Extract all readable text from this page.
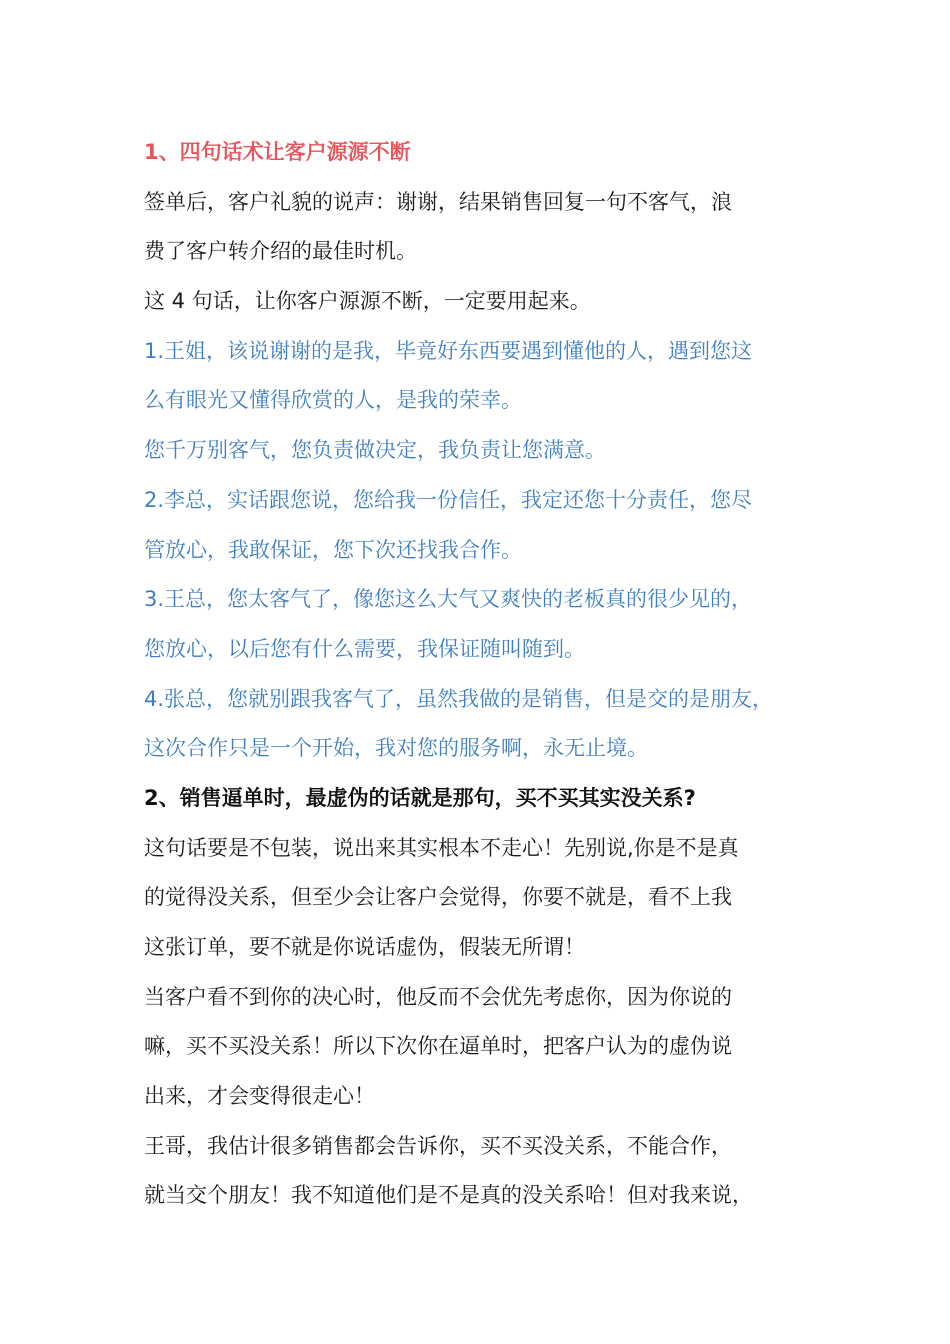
1、四句话术让客户源源不断
签单后，客户礼貌的说声：谢谢，结果销售回复一句不客气，浪
费了客户转介绍的最佳时机。
这 4 句话，让你客户源源不断，一定要用起来。
1.王姐，该说谢谢的是我，毕竟好东西要遇到懂他的人，遇到您这
么有眼光又懂得欣赏的人，是我的荣幸。
您千万别客气，您负责做决定，我负责让您满意。
2.李总，实话跟您说，您给我一份信任，我定还您十分责任，您尽
管放心，我敢保证，您下次还找我合作。
3.王总，您太客气了，像您这么大气又爽快的老板真的很少见的，
您放心，以后您有什么需要，我保证随叫随到。
4.张总，您就别跟我客气了，虽然我做的是销售，但是交的是朋友，
这次合作只是一个开始，我对您的服务啊，永无止境。
2、销售逼单时，最虚伪的话就是那句，买不买其实没关系?
这句话要是不包装，说出来其实根本不走心！先别说,你是不是真
的觉得没关系，但至少会让客户会觉得，你要不就是，看不上我
这张订单，要不就是你说话虚伪，假装无所谓！
当客户看不到你的决心时，他反而不会优先考虑你，因为你说的
嘛，买不买没关系！所以下次你在逼单时，把客户认为的虚伪说
出来，才会变得很走心！
王哥，我估计很多销售都会告诉你，买不买没关系，不能合作，
就当交个朋友！我不知道他们是不是真的没关系哈！但对我来说，
